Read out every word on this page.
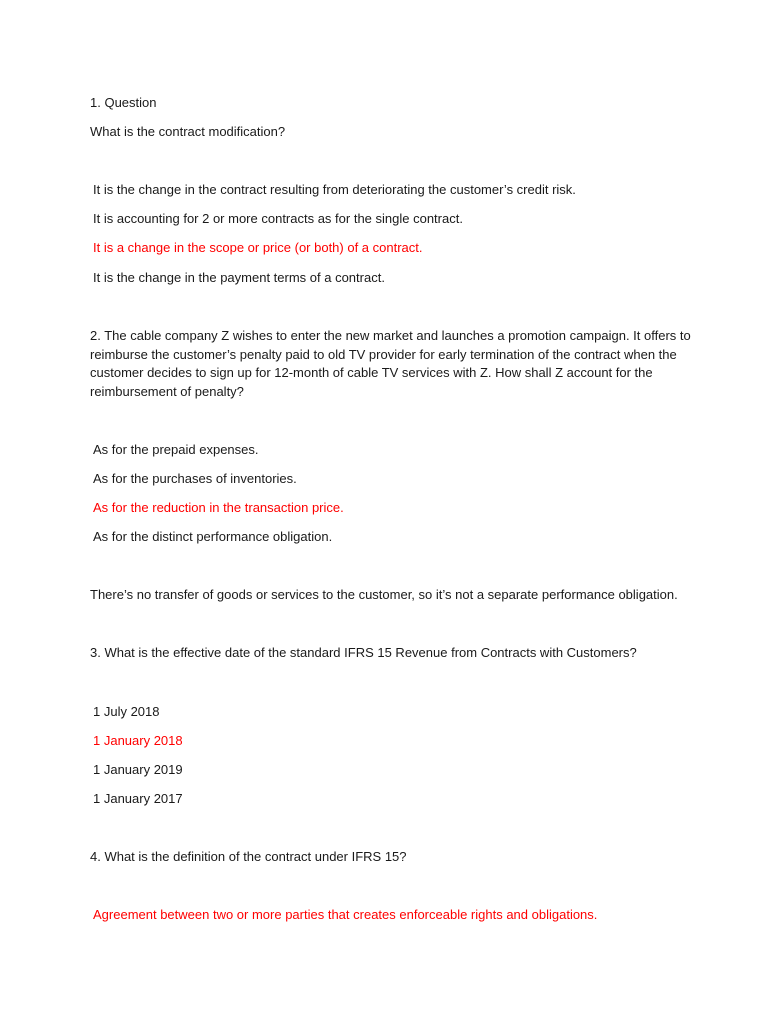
1. Question
What is the contract modification?
It is the change in the contract resulting from deteriorating the customer’s credit risk.
It is accounting for 2 or more contracts as for the single contract.
It is a change in the scope or price (or both) of a contract.
It is the change in the payment terms of a contract.
2. The cable company Z wishes to enter the new market and launches a promotion campaign. It offers to
reimburse the customer’s penalty paid to old TV provider for early termination of the contract when the
customer decides to sign up for 12-month of cable TV services with Z. How shall Z account for the
reimbursement of penalty?
As for the prepaid expenses.
As for the purchases of inventories.
As for the reduction in the transaction price.
As for the distinct performance obligation.
There’s no transfer of goods or services to the customer, so it’s not a separate performance obligation.
3. What is the effective date of the standard IFRS 15 Revenue from Contracts with Customers?
1 July 2018
1 January 2018
1 January 2019
1 January 2017
4. What is the definition of the contract under IFRS 15?
Agreement between two or more parties that creates enforceable rights and obligations.
